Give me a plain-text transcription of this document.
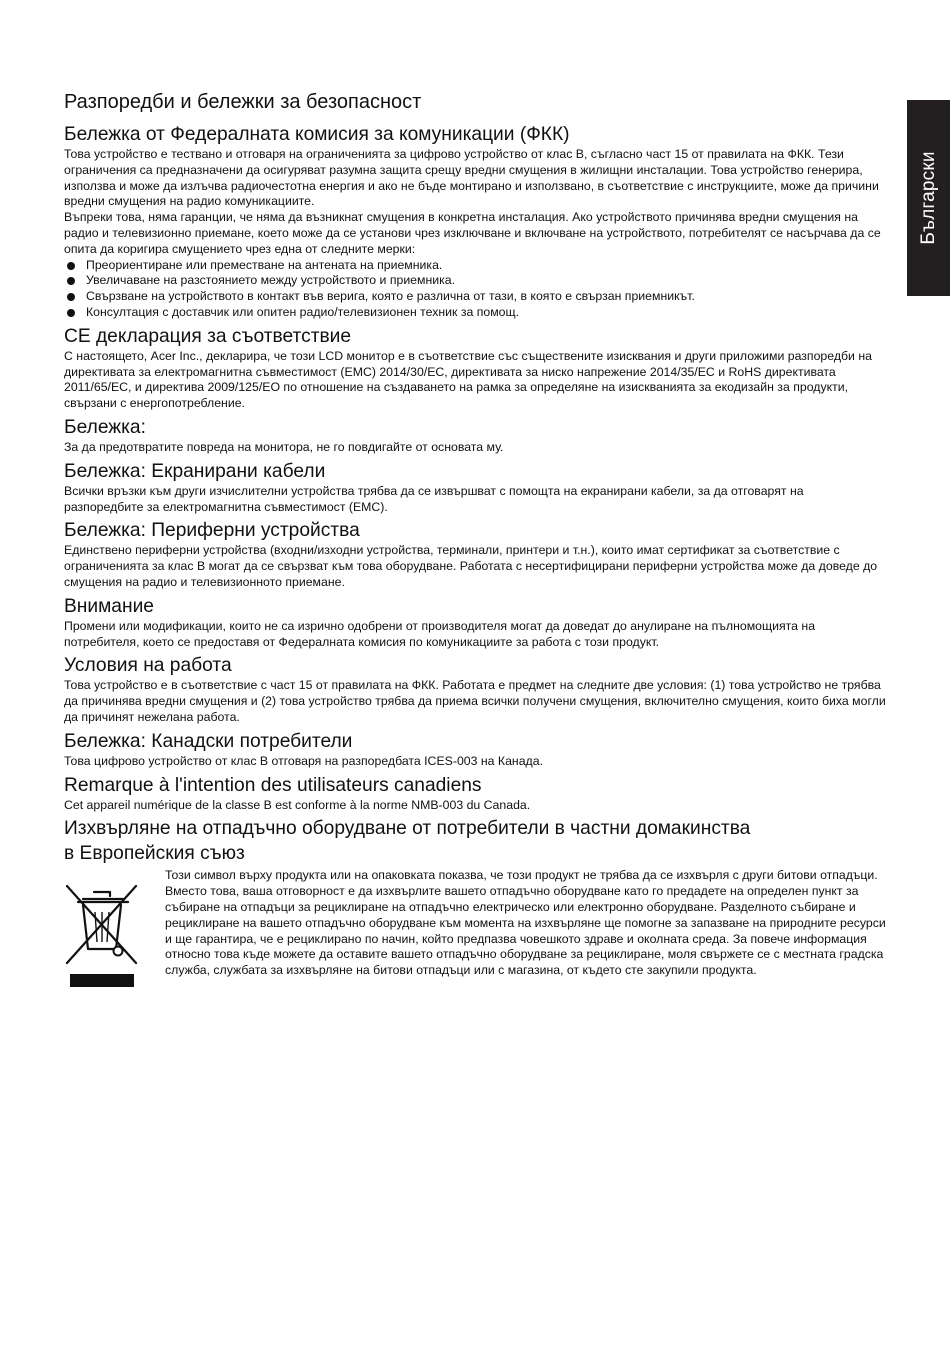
Български
Разпоредби и бележки за безопасност
Бележка от Федералната комисия за комуникации (ФКК)

Това устройство е тествано и отговаря на ограниченията за цифрово устройство от клас B, съгласно част 15 от правилата на ФКК. Тези ограничения са предназначени да осигуряват разумна защита срещу вредни смущения в жилищни инсталации. Това устройство генерира, използва и може да излъчва радиочестотна енергия и ако не бъде монтирано и използвано, в съответствие с инструкциите, може да причини вредни смущения на радио комуникациите.

Въпреки това, няма гаранции, че няма да възникнат смущения в конкретна инсталация. Ако устройството причинява вредни смущения на радио и телевизионно приемане, което може да се установи чрез изключване и включване на устройството, потребителят се насърчава да се опита да коригира смущението чрез една от следните мерки:

Преориентиране или преместване на антената на приемника.
Увеличаване на разстоянието между устройството и приемника.
Свързване на устройството в контакт във верига, която е различна от тази, в която е свързан приемникът.
Консултация с доставчик или опитен радио/телевизионен техник за помощ.
CE декларация за съответствие

С настоящето, Acer Inc., декларира, че този LCD монитор е в съответствие със съществените изисквания и други приложими разпоредби на директивата за електромагнитна съвместимост (EMC) 2014/30/EC, директивата за ниско напрежение 2014/35/EC и RoHS директивата 2011/65/EC, и директива 2009/125/EO по отношение на създаването на рамка за определяне на изискванията за екодизайн за продукти, свързани с енергопотребление.

Бележка:

За да предотвратите повреда на монитора, не го повдигайте от основата му.

Бележка: Екранирани кабели

Всички връзки към други изчислителни устройства трябва да се извършват с помощта на екранирани кабели, за да отговарят на разпоредбите за електромагнитна съвместимост (EMC).

Бележка: Периферни устройства

Единствено периферни устройства (входни/изходни устройства, терминали, принтери и т.н.), които имат сертификат за съответствие с ограниченията за клас B могат да се свързват към това оборудване. Работата с несертифицирани периферни устройства може да доведе до смущения на радио и телевизионното приемане.

Внимание

Промени или модификации, които не са изрично одобрени от производителя могат да доведат до анулиране на пълномощията на потребителя, което се предоставя от Федералната комисия по комуникациите за работа с този продукт.

Условия на работа

Това устройство е в съответствие с част 15 от правилата на ФКК. Работата е предмет на следните две условия: (1) това устройство не трябва да причинява вредни смущения и (2) това устройство трябва да приема всички получени смущения, включително смущения, които биха могли да причинят нежелана работа.

Бележка: Канадски потребители

Това цифрово устройство от клас B отговаря на разпоредбата ICES-003 на Канада.

Remarque à l'intention des utilisateurs canadiens

Cet appareil numérique de la classe B est conforme à la norme NMB-003 du Canada.

Изхвърляне на отпадъчно оборудване от потребители в частни домакинства
в Европейския съюз

Този символ върху продукта или на опаковката показва, че този продукт не трябва да се изхвърля с други битови отпадъци. Вместо това, ваша отговорност е да изхвърлите вашето отпадъчно оборудване като го предадете на определен пункт за събиране на отпадъци за рециклиране на отпадъчно електрическо или електронно оборудване. Разделното събиране и рециклиране на вашето отпадъчно оборудване към момента на изхвърляне ще помогне за запазване на природните ресурси и ще гарантира, че е рециклирано по начин, който предпазва човешкото здраве и околната среда. За повече информация относно това къде можете да оставите вашето отпадъчно оборудване за рециклиране, моля свържете се с местната градска служба, службата за изхвърляне на битови отпадъци или с магазина, от където сте закупили продукта.
